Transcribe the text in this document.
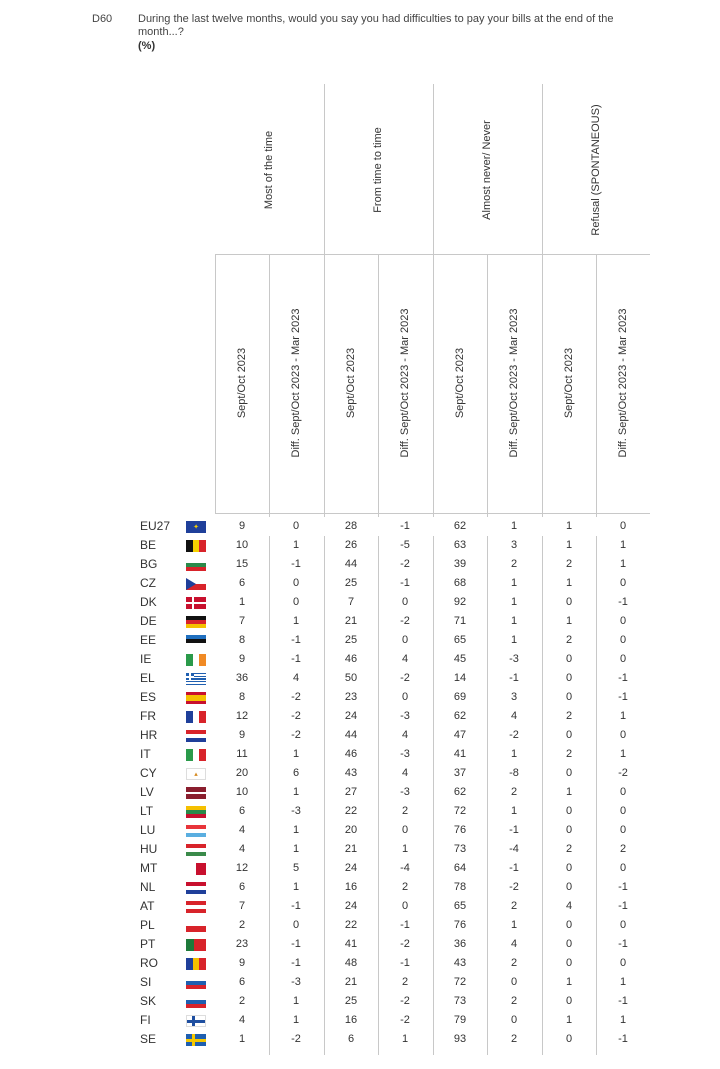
D60 During the last twelve months, would you say you had difficulties to pay your bills at the end of the month...?
(%)
Most of the time	From time to time	Almost never/ Never	Refusal (SPONTANEOUS)
Sept/Oct 2023	Diff. Sept/Oct 2023 - Mar 2023	Sept/Oct 2023	Diff. Sept/Oct 2023 - Mar 2023	Sept/Oct 2023	Diff. Sept/Oct 2023 - Mar 2023	Sept/Oct 2023	Diff. Sept/Oct 2023 - Mar 2023
EU27	✦	9	0	28	-1	62	1	1	0
BE	10	1	26	-5	63	3	1	1
BG	15	-1	44	-2	39	2	2	1
CZ	6	0	25	-1	68	1	1	0
DK	1	0	7	0	92	1	0	-1
DE	7	1	21	-2	71	1	1	0
EE	8	-1	25	0	65	1	2	0
IE	9	-1	46	4	45	-3	0	0
EL	36	4	50	-2	14	-1	0	-1
ES	8	-2	23	0	69	3	0	-1
FR	12	-2	24	-3	62	4	2	1
HR	9	-2	44	4	47	-2	0	0
IT	11	1	46	-3	41	1	2	1
CY	▴	20	6	43	4	37	-8	0	-2
LV	10	1	27	-3	62	2	1	0
LT	6	-3	22	2	72	1	0	0
LU	4	1	20	0	76	-1	0	0
HU	4	1	21	1	73	-4	2	2
MT	12	5	24	-4	64	-1	0	0
NL	6	1	16	2	78	-2	0	-1
AT	7	-1	24	0	65	2	4	-1
PL	2	0	22	-1	76	1	0	0
PT	23	-1	41	-2	36	4	0	-1
RO	9	-1	48	-1	43	2	0	0
SI	6	-3	21	2	72	0	1	1
SK	2	1	25	-2	73	2	0	-1
FI	4	1	16	-2	79	0	1	1
SE	1	-2	6	1	93	2	0	-1
